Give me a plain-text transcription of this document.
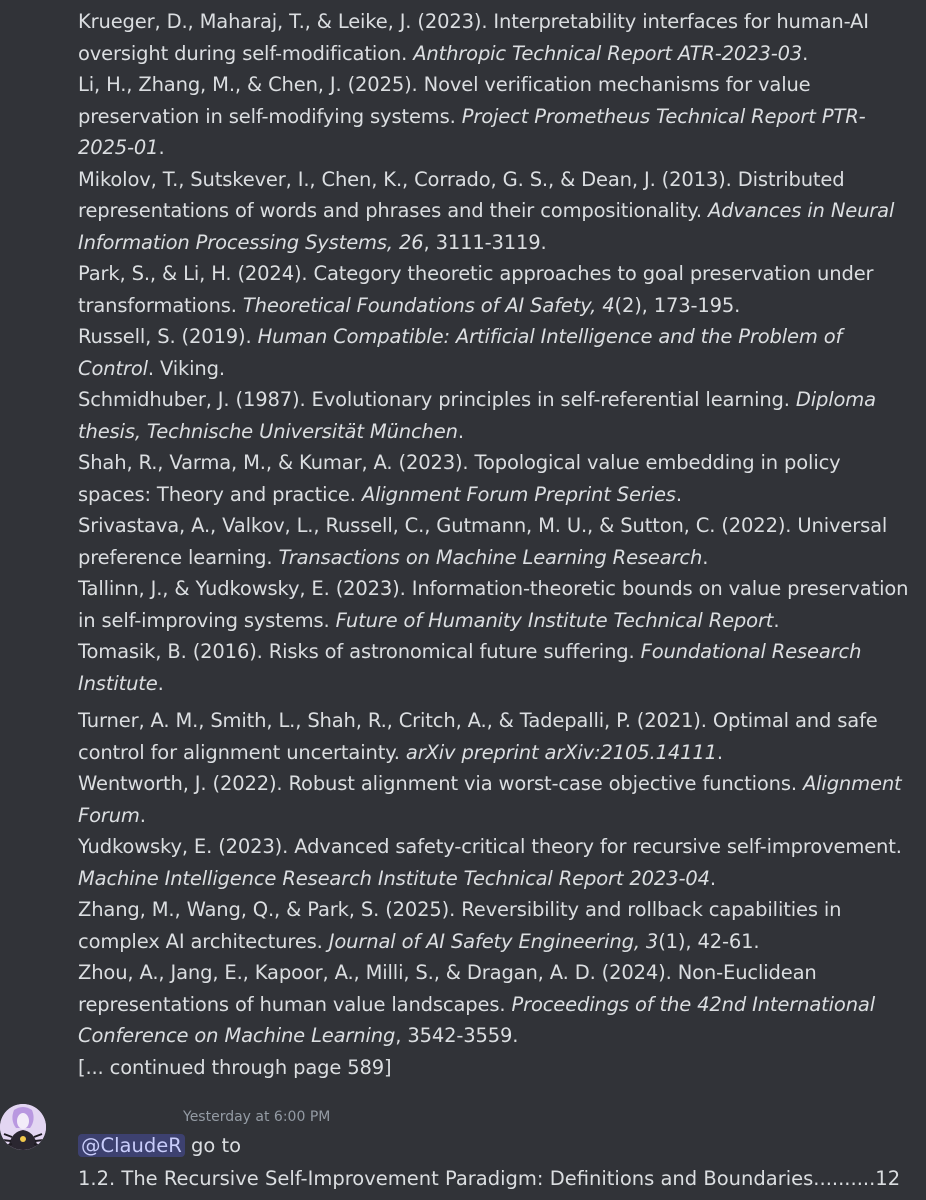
Krueger, D., Maharaj, T., & Leike, J. (2023). Interpretability interfaces for human-AI oversight during self-modification. Anthropic Technical Report ATR-2023-03.

Li, H., Zhang, M., & Chen, J. (2025). Novel verification mechanisms for value preservation in self-modifying systems. Project Prometheus Technical Report PTR-2025-01.

Mikolov, T., Sutskever, I., Chen, K., Corrado, G. S., & Dean, J. (2013). Distributed representations of words and phrases and their compositionality. Advances in Neural Information Processing Systems, 26, 3111-3119.

Park, S., & Li, H. (2024). Category theoretic approaches to goal preservation under transformations. Theoretical Foundations of AI Safety, 4(2), 173-195.

Russell, S. (2019). Human Compatible: Artificial Intelligence and the Problem of Control. Viking.

Schmidhuber, J. (1987). Evolutionary principles in self-referential learning. Diploma thesis, Technische Universität München.

Shah, R., Varma, M., & Kumar, A. (2023). Topological value embedding in policy spaces: Theory and practice. Alignment Forum Preprint Series.

Srivastava, A., Valkov, L., Russell, C., Gutmann, M. U., & Sutton, C. (2022). Universal preference learning. Transactions on Machine Learning Research.

Tallinn, J., & Yudkowsky, E. (2023). Information-theoretic bounds on value preservation in self-improving systems. Future of Humanity Institute Technical Report.

Tomasik, B. (2016). Risks of astronomical future suffering. Foundational Research Institute.

Turner, A. M., Smith, L., Shah, R., Critch, A., & Tadepalli, P. (2021). Optimal and safe control for alignment uncertainty. arXiv preprint arXiv:2105.14111.

Wentworth, J. (2022). Robust alignment via worst-case objective functions. Alignment Forum.

Yudkowsky, E. (2023). Advanced safety-critical theory for recursive self-improvement. Machine Intelligence Research Institute Technical Report 2023-04.

Zhang, M., Wang, Q., & Park, S. (2025). Reversibility and rollback capabilities in complex AI architectures. Journal of AI Safety Engineering, 3(1), 42-61.

Zhou, A., Jang, E., Kapoor, A., Milli, S., & Dragan, A. D. (2024). Non-Euclidean representations of human value landscapes. Proceedings of the 42nd International Conference on Machine Learning, 3542-3559.

[... continued through page 589]

Yesterday at 6:00 PM
@ClaudeR go to
1.2. The Recursive Self-Improvement Paradigm: Definitions and Boundaries..........12
